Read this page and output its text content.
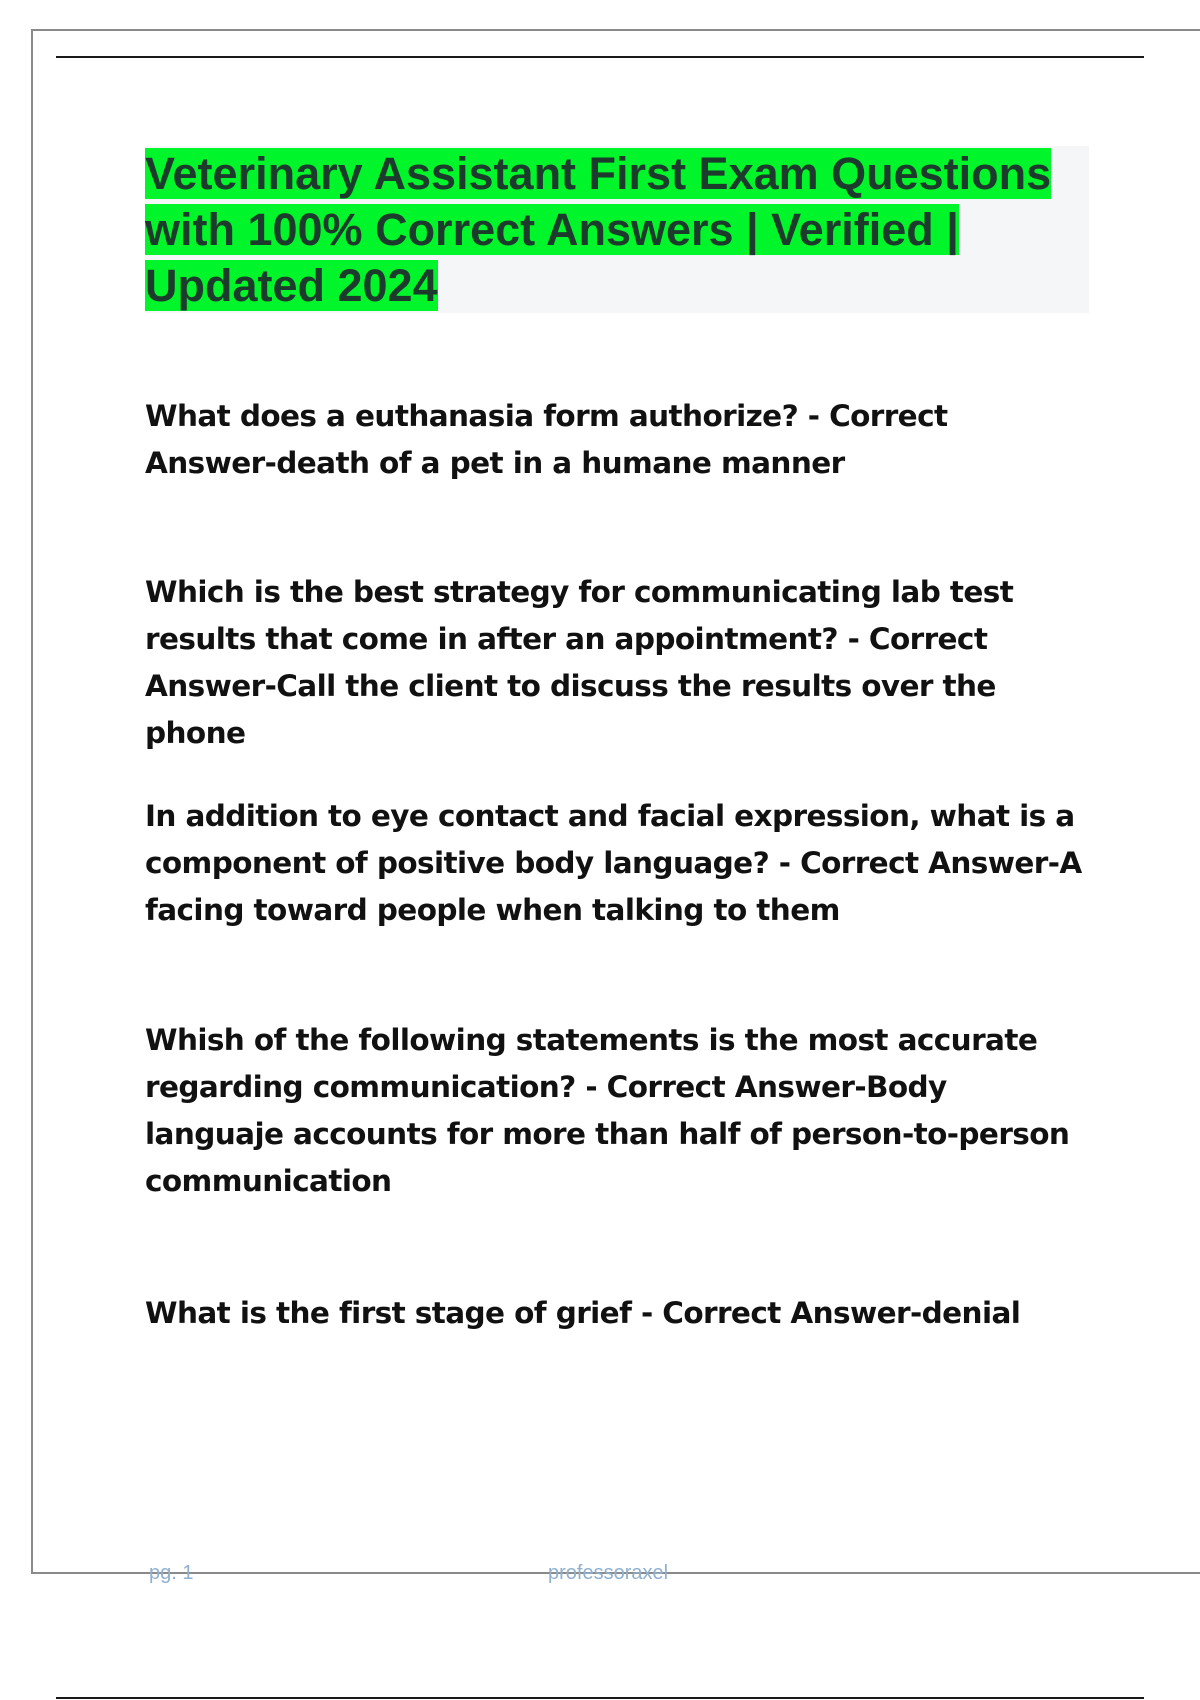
Veterinary Assistant First Exam Questions with 100% Correct Answers | Verified | Updated 2024

What does a euthanasia form authorize? - Correct Answer-death of a pet in a humane manner

Which is the best strategy for communicating lab test results that come in after an appointment? - Correct Answer-Call the client to discuss the results over the phone

In addition to eye contact and facial expression, what is a component of positive body language? - Correct Answer-A facing toward people when talking to them

Whish of the following statements is the most accurate regarding communication? - Correct Answer-Body languaje accounts for more than half of person-to-person communication

What is the first stage of grief - Correct Answer-denial

pg. 1	professoraxel
